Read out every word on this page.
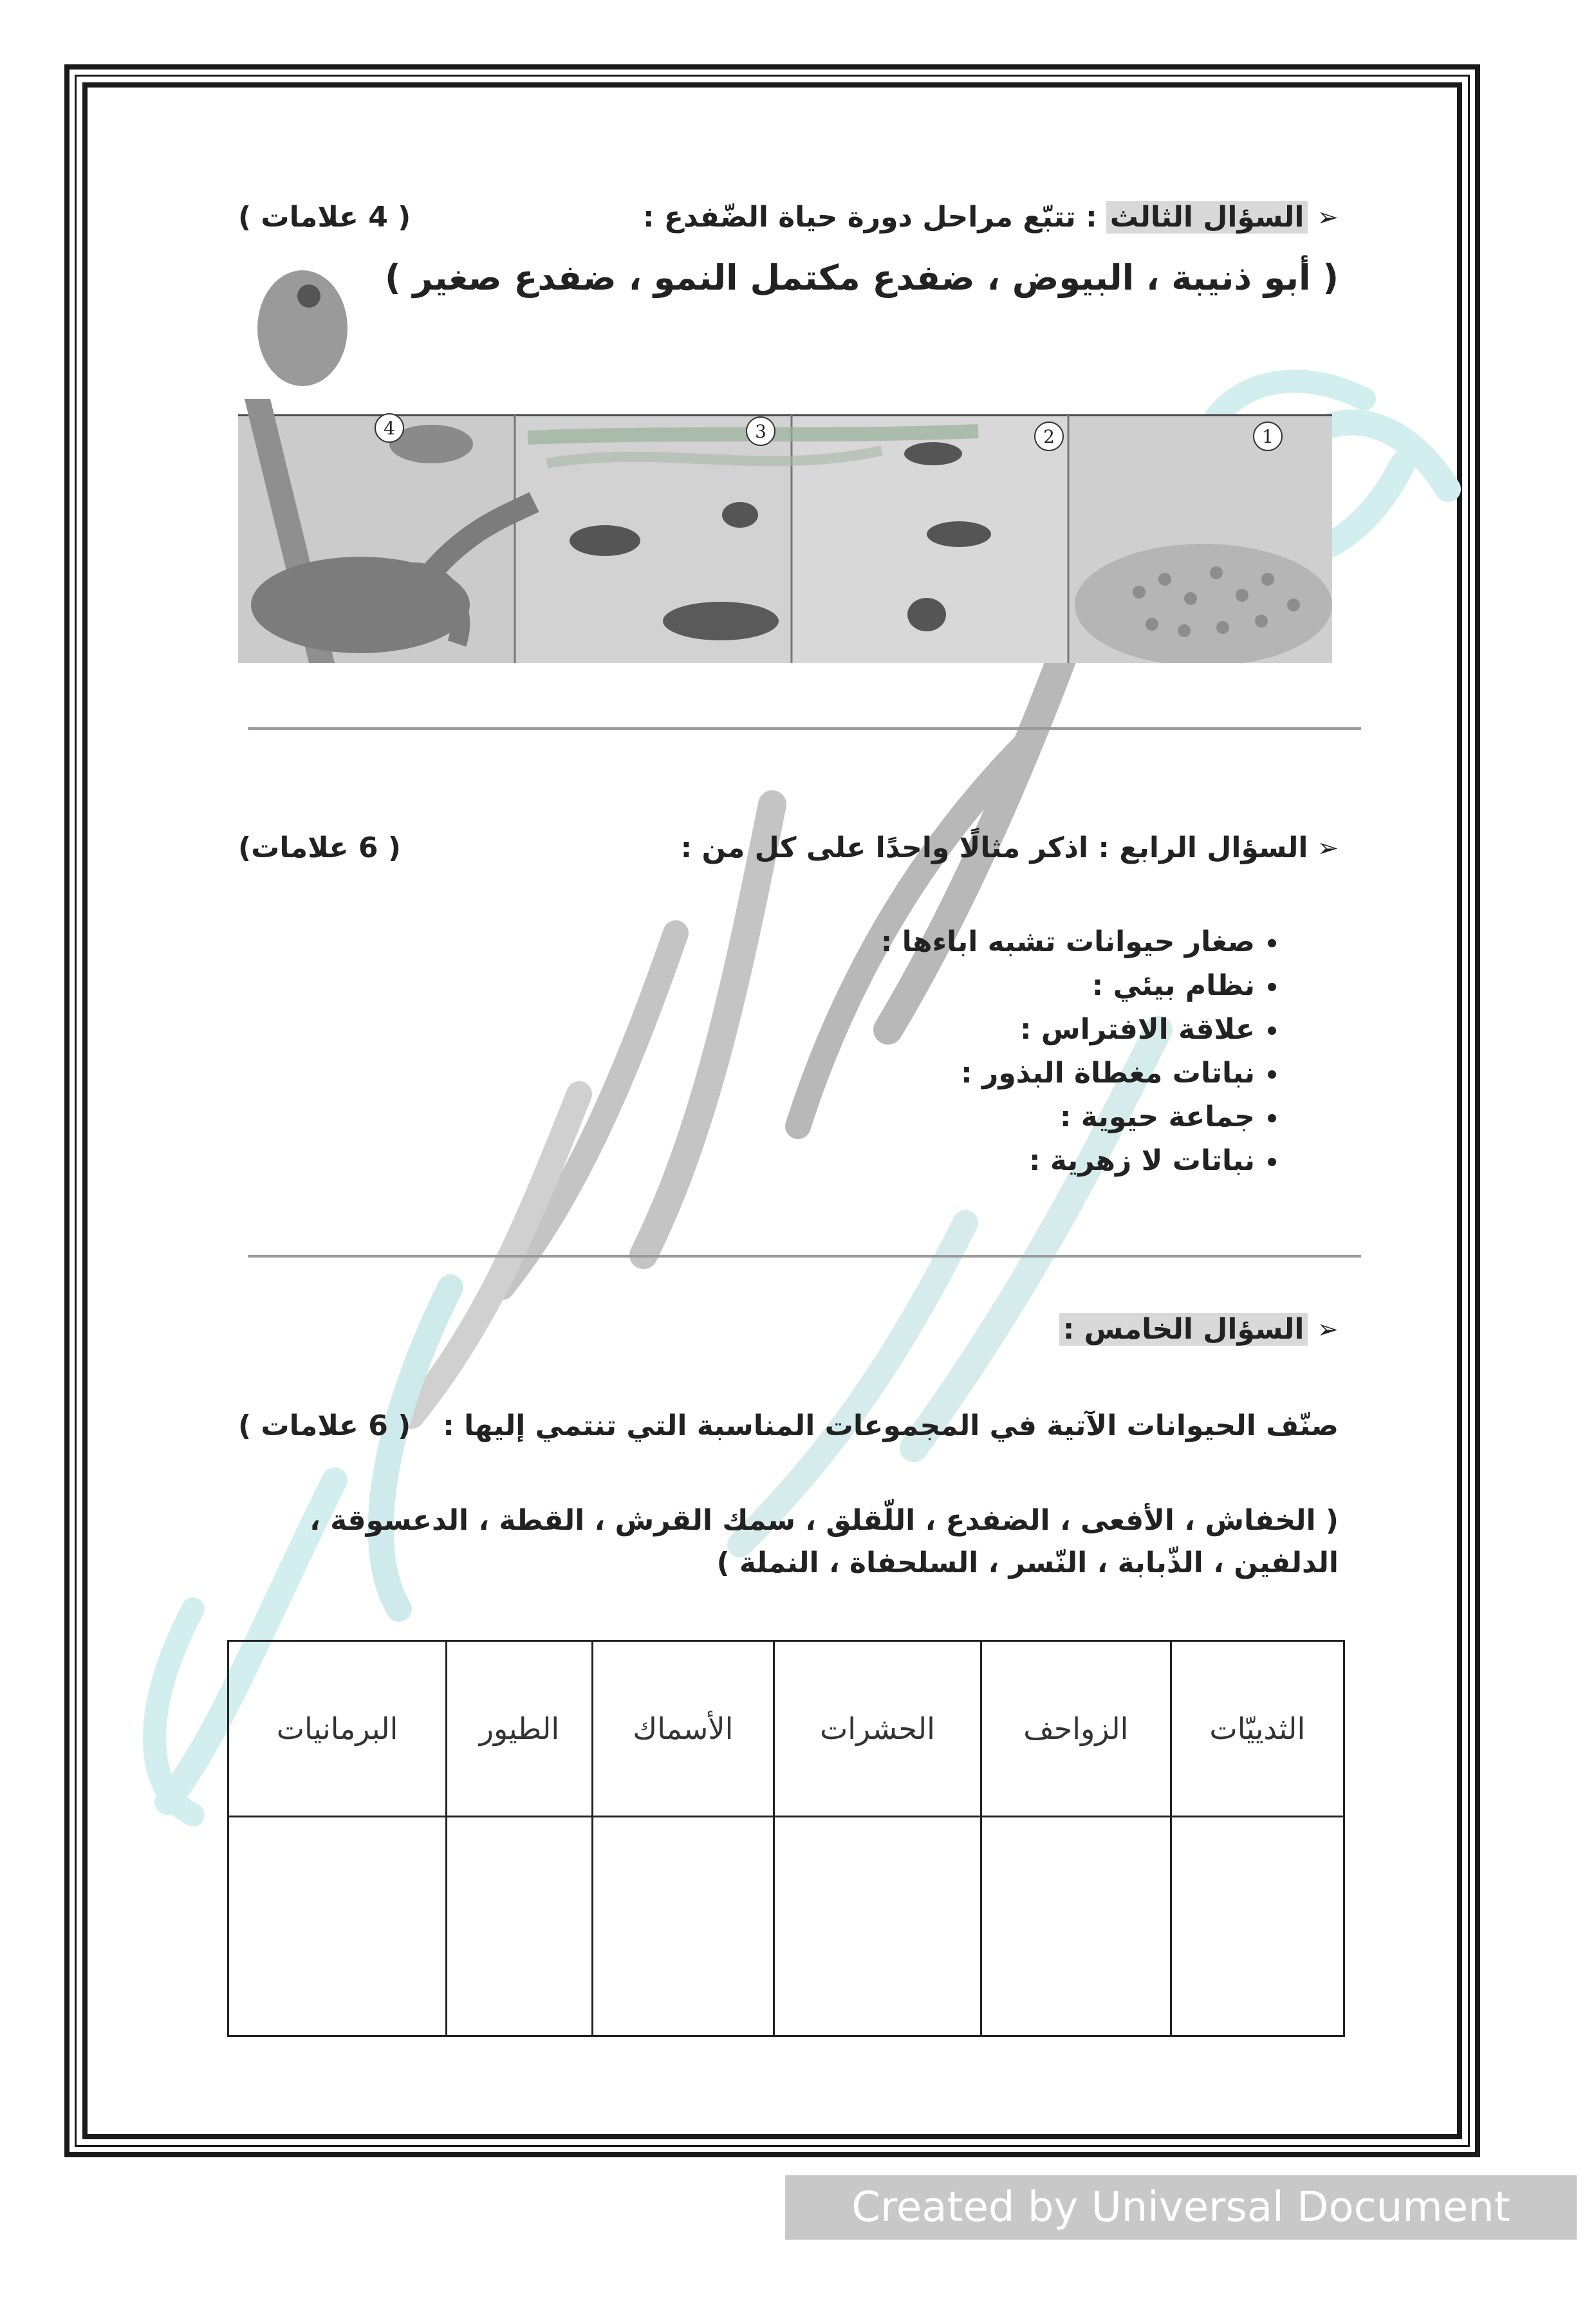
➢
السؤال الثالث
: تتبّع مراحل دورة حياة الضّفدع :
( 4 علامات )
( أبو ذنيبة ، البيوض ، ضفدع مكتمل النمو ، ضفدع صغير )
4	3	2	1
➢
السؤال الرابع : اذكر مثالًا واحدًا على كل من :
( 6 علامات)
• صغار حيوانات تشبه اباءها :
• نظام بيئي :
• علاقة الافتراس :
• نباتات مغطاة البذور :
• جماعة حيوية :
• نباتات لا زهرية :
➢
السؤال الخامس :
صنّف الحيوانات الآتية في المجموعات المناسبة التي تنتمي إليها :
( 6 علامات )
( الخفاش ، الأفعى ، الضفدع ، اللّقلق ، سمك القرش ، القطة ، الدعسوقة ، الدلفين ، الذّبابة ، النّسر ، السلحفاة ، النملة )
الثدييّات	الزواحف	الحشرات	الأسماك	الطيور	البرمانيات

Created by Universal Document Converter
